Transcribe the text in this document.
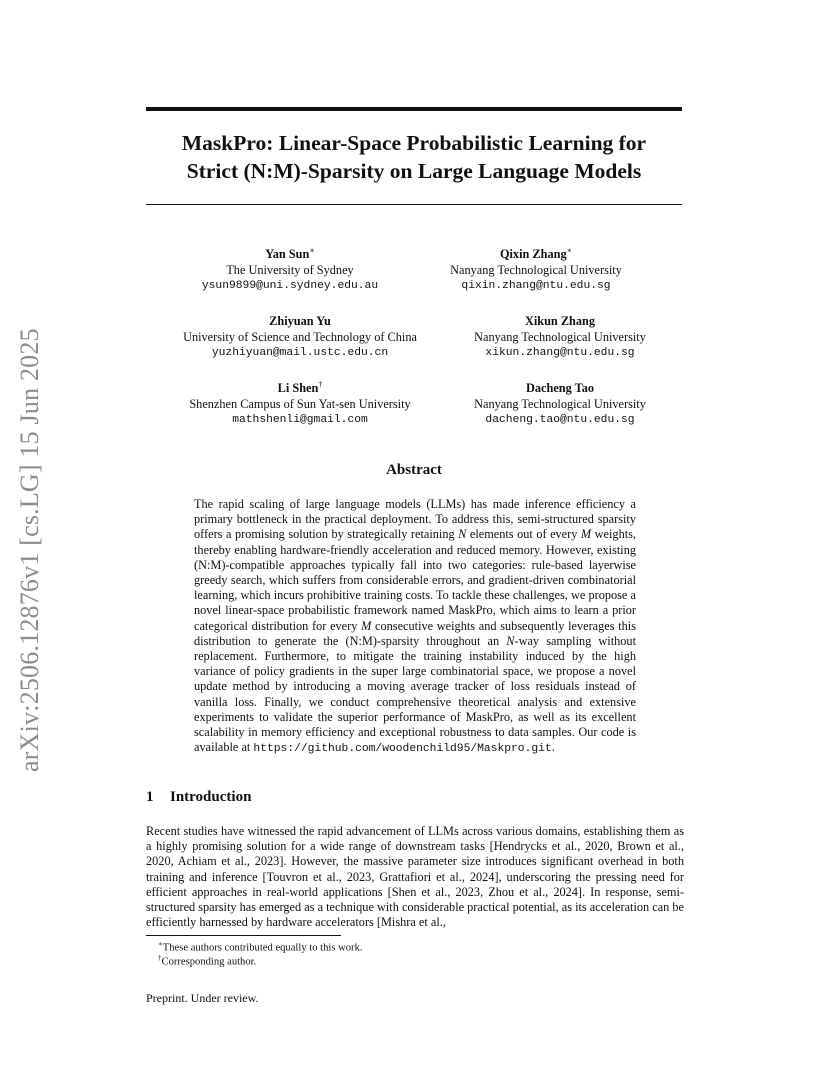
arXiv:2506.12876v1 [cs.LG] 15 Jun 2025
MaskPro: Linear-Space Probabilistic Learning for
Strict (N:M)-Sparsity on Large Language Models
Yan Sun∗
The University of Sydney
ysun9899@uni.sydney.edu.au
Qixin Zhang∗
Nanyang Technological University
qixin.zhang@ntu.edu.sg
Zhiyuan Yu
University of Science and Technology of China
yuzhiyuan@mail.ustc.edu.cn
Xikun Zhang
Nanyang Technological University
xikun.zhang@ntu.edu.sg
Li Shen†
Shenzhen Campus of Sun Yat-sen University
mathshenli@gmail.com
Dacheng Tao
Nanyang Technological University
dacheng.tao@ntu.edu.sg
Abstract

The rapid scaling of large language models (LLMs) has made inference efficiency a primary bottleneck in the practical deployment. To address this, semi-structured sparsity offers a promising solution by strategically retaining N elements out of every M weights, thereby enabling hardware-friendly acceleration and reduced memory. However, existing (N:M)-compatible approaches typically fall into two categories: rule-based layerwise greedy search, which suffers from considerable errors, and gradient-driven combinatorial learning, which incurs prohibitive training costs. To tackle these challenges, we propose a novel linear-space probabilistic framework named MaskPro, which aims to learn a prior categorical distribution for every M consecutive weights and subsequently leverages this distribution to generate the (N:M)-sparsity throughout an N-way sampling without replacement. Furthermore, to mitigate the training instability induced by the high variance of policy gradients in the super large combinatorial space, we propose a novel update method by introducing a moving average tracker of loss residuals instead of vanilla loss. Finally, we conduct comprehensive theoretical analysis and extensive experiments to validate the superior performance of MaskPro, as well as its excellent scalability in memory efficiency and exceptional robustness to data samples. Our code is available at https://github.com/woodenchild95/Maskpro.git.

1 Introduction

Recent studies have witnessed the rapid advancement of LLMs across various domains, establishing them as a highly promising solution for a wide range of downstream tasks [Hendrycks et al., 2020, Brown et al., 2020, Achiam et al., 2023]. However, the massive parameter size introduces significant overhead in both training and inference [Touvron et al., 2023, Grattafiori et al., 2024], underscoring the pressing need for efficient approaches in real-world applications [Shen et al., 2023, Zhou et al., 2024]. In response, semi-structured sparsity has emerged as a technique with considerable practical potential, as its acceleration can be efficiently harnessed by hardware accelerators [Mishra et al.,

∗These authors contributed equally to this work.
†Corresponding author.
Preprint. Under review.
